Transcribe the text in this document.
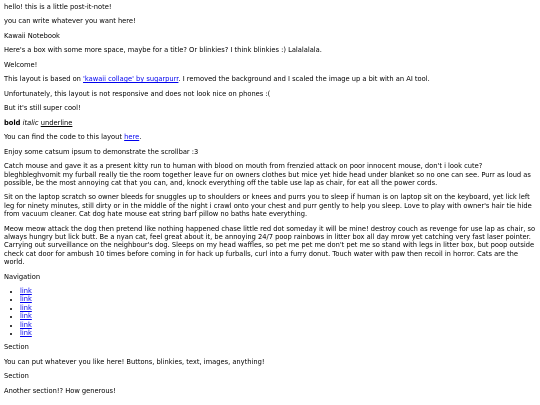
hello! this is a little post-it-note!

you can write whatever you want here!

Kawaii Notebook

Here's a box with some more space, maybe for a title? Or blinkies? I think blinkies :) Lalalalala.

Welcome!

This layout is based on 'kawaii collage' by sugarpurr. I removed the background and I scaled the image up a bit with an AI tool.

Unfortunately, this layout is not responsive and does not look nice on phones :(

But it's still super cool!

bold italic underline

You can find the code to this layout here.

Enjoy some catsum ipsum to demonstrate the scrollbar :3

Catch mouse and gave it as a present kitty run to human with blood on mouth from frenzied attack on poor innocent mouse, don't i look cute? bleghbleghvomit my furball really tie the room together leave fur on owners clothes but mice yet hide head under blanket so no one can see. Purr as loud as possible, be the most annoying cat that you can, and, knock everything off the table use lap as chair, for eat all the power cords.

Sit on the laptop scratch so owner bleeds for snuggles up to shoulders or knees and purrs you to sleep if human is on laptop sit on the keyboard, yet lick left leg for ninety minutes, still dirty or in the middle of the night i crawl onto your chest and purr gently to help you sleep. Love to play with owner's hair tie hide from vacuum cleaner. Cat dog hate mouse eat string barf pillow no baths hate everything.

Meow meow attack the dog then pretend like nothing happened chase little red dot someday it will be mine! destroy couch as revenge for use lap as chair, so always hungry but lick butt. Be a nyan cat, feel great about it, be annoying 24/7 poop rainbows in litter box all day mrow yet catching very fast laser pointer. Carrying out surveillance on the neighbour's dog. Sleeps on my head waffles, so pet me pet me don't pet me so stand with legs in litter box, but poop outside check cat door for ambush 10 times before coming in for hack up furballs, curl into a furry donut. Touch water with paw then recoil in horror. Cats are the world.

Navigation

• link
• link
• link
• link
• link
• link

Section

You can put whatever you like here! Buttons, blinkies, text, images, anything!

Section

Another section!? How generous!
